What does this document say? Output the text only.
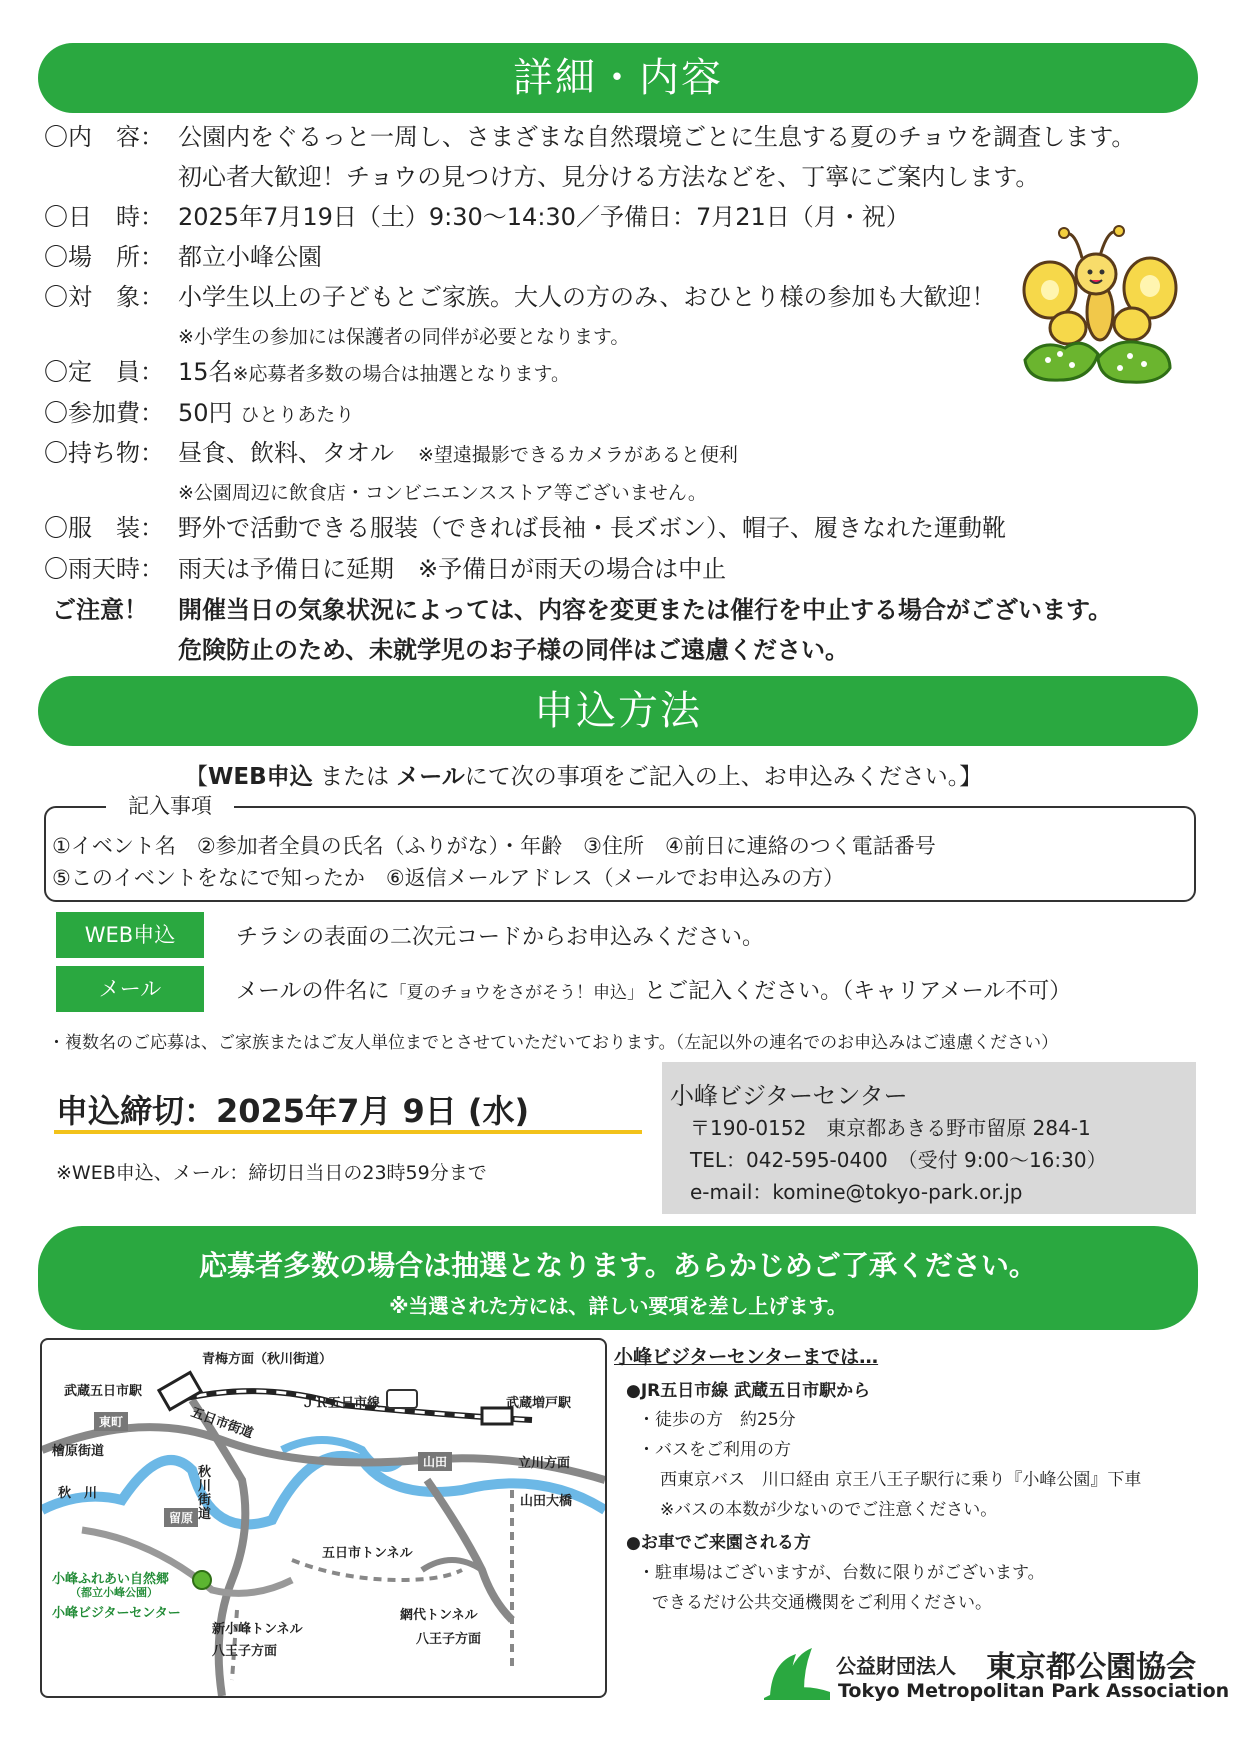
詳細・内容
〇内　容： 公園内をぐるっと一周し、さまざまな自然環境ごとに生息する夏のチョウを調査します。
初心者大歓迎！チョウの見つけ方、見分ける方法などを、丁寧にご案内します。
〇日　時： 2025年7月19日（土）9:30～14:30／予備日：7月21日（月・祝）
〇場　所： 都立小峰公園
〇対　象： 小学生以上の子どもとご家族。大人の方のみ、おひとり様の参加も大歓迎！
※小学生の参加には保護者の同伴が必要となります。
〇定　員： 15名※応募者多数の場合は抽選となります。
〇参加費： 50円 ひとりあたり
〇持ち物： 昼食、飲料、タオル　 ※望遠撮影できるカメラがあると便利
※公園周辺に飲食店・コンビニエンスストア等ございません。
〇服　装： 野外で活動できる服装（できれば長袖・長ズボン）、帽子、履きなれた運動靴
〇雨天時： 雨天は予備日に延期　※予備日が雨天の場合は中止
ご注意！ 開催当日の気象状況によっては、内容を変更または催行を中止する場合がございます。
危険防止のため、未就学児のお子様の同伴はご遠慮ください。
申込方法
【WEB申込 または メールにて次の事項をご記入の上、お申込みください。】
記入事項
①イベント名　②参加者全員の氏名（ふりがな）・年齢　③住所　④前日に連絡のつく電話番号
⑤このイベントをなにで知ったか　⑥返信メールアドレス（メールでお申込みの方）
WEB申込	チラシの表面の二次元コードからお申込みください。
メール	メールの件名に「夏のチョウをさがそう！申込」とご記入ください。（キャリアメール不可）
・複数名のご応募は、ご家族またはご友人単位までとさせていただいております。（左記以外の連名でのお申込みはご遠慮ください）
申込締切：2025年7月 9日 (水)
※WEB申込、メール：締切日当日の23時59分まで
小峰ビジターセンター
〒190-0152　東京都あきる野市留原 284-1
TEL：042-595-0400　（受付 9:00～16:30）
e-mail：komine@tokyo-park.or.jp
応募者多数の場合は抽選となります。あらかじめご了承ください。
※当選された方には、詳しい要項を差し上げます。
青梅方面（秋川街道）
武蔵五日市駅
東町
ＪＲ五日市線	武蔵増戸駅
五日市街道
檜原街道
秋　川
秋川街道
山田	立川方面
山田大橋
留原
五日市トンネル
小峰ふれあい自然郷
（都立小峰公園）
小峰ビジターセンター
新小峰トンネル
八王子方面
網代トンネル
八王子方面
小峰ビジターセンターまでは…
●JR五日市線 武蔵五日市駅から
・徒歩の方　約25分
・バスをご利用の方
西東京バス　川口経由 京王八王子駅行に乗り『小峰公園』下車
※バスの本数が少ないのでご注意ください。
●お車でご来園される方
・駐車場はございますが、台数に限りがございます。
できるだけ公共交通機関をご利用ください。
公益財団法人 東京都公園協会
Tokyo Metropolitan Park Association
